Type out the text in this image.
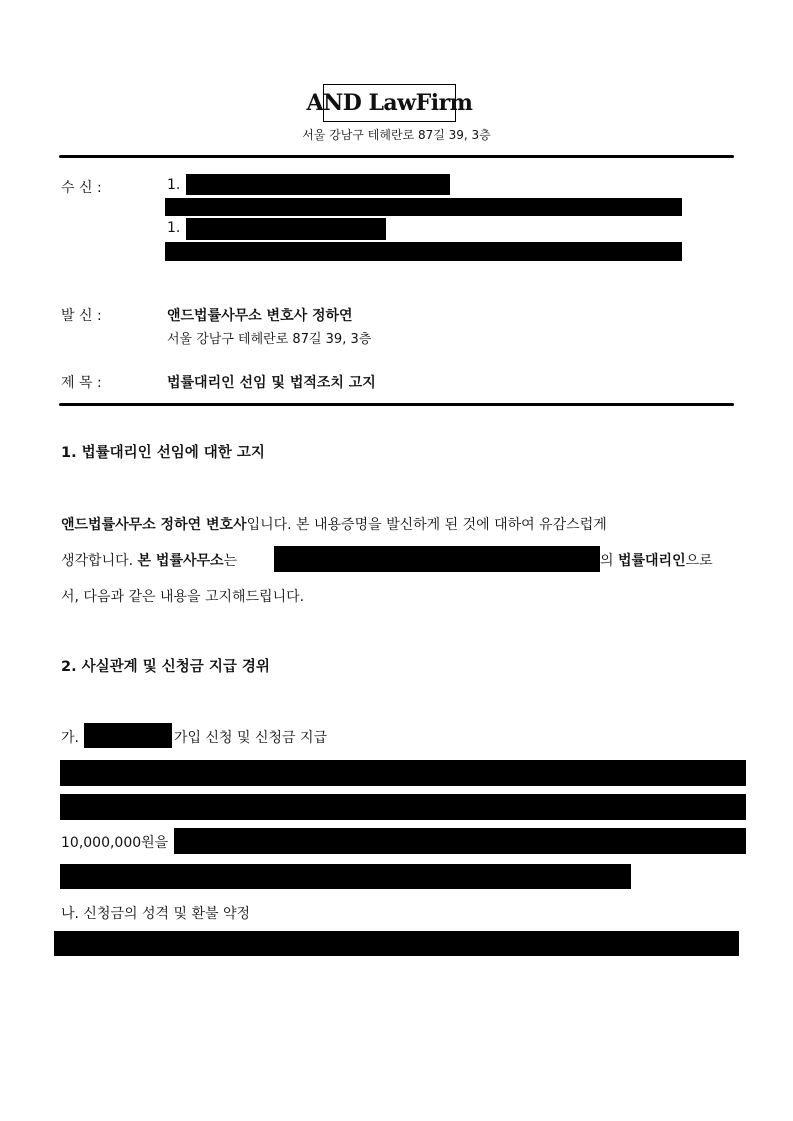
AND LawFirm
서울 강남구 테헤란로 87길 39, 3층
수 신 :	1.
1.
발 신 :	앤드법률사무소 변호사 정하연
서울 강남구 테헤란로 87길 39, 3층
제 목 :	법률대리인 선임 및 법적조치 고지
1. 법률대리인 선임에 대한 고지
앤드법률사무소 정하연 변호사입니다. 본 내용증명을 발신하게 된 것에 대하여 유감스럽게
생각합니다. 본 법률사무소는	의 법률대리인으로
서, 다음과 같은 내용을 고지해드립니다.
2. 사실관계 및 신청금 지급 경위
가.	가입 신청 및 신청금 지급
10,000,000원을
나. 신청금의 성격 및 환불 약정
